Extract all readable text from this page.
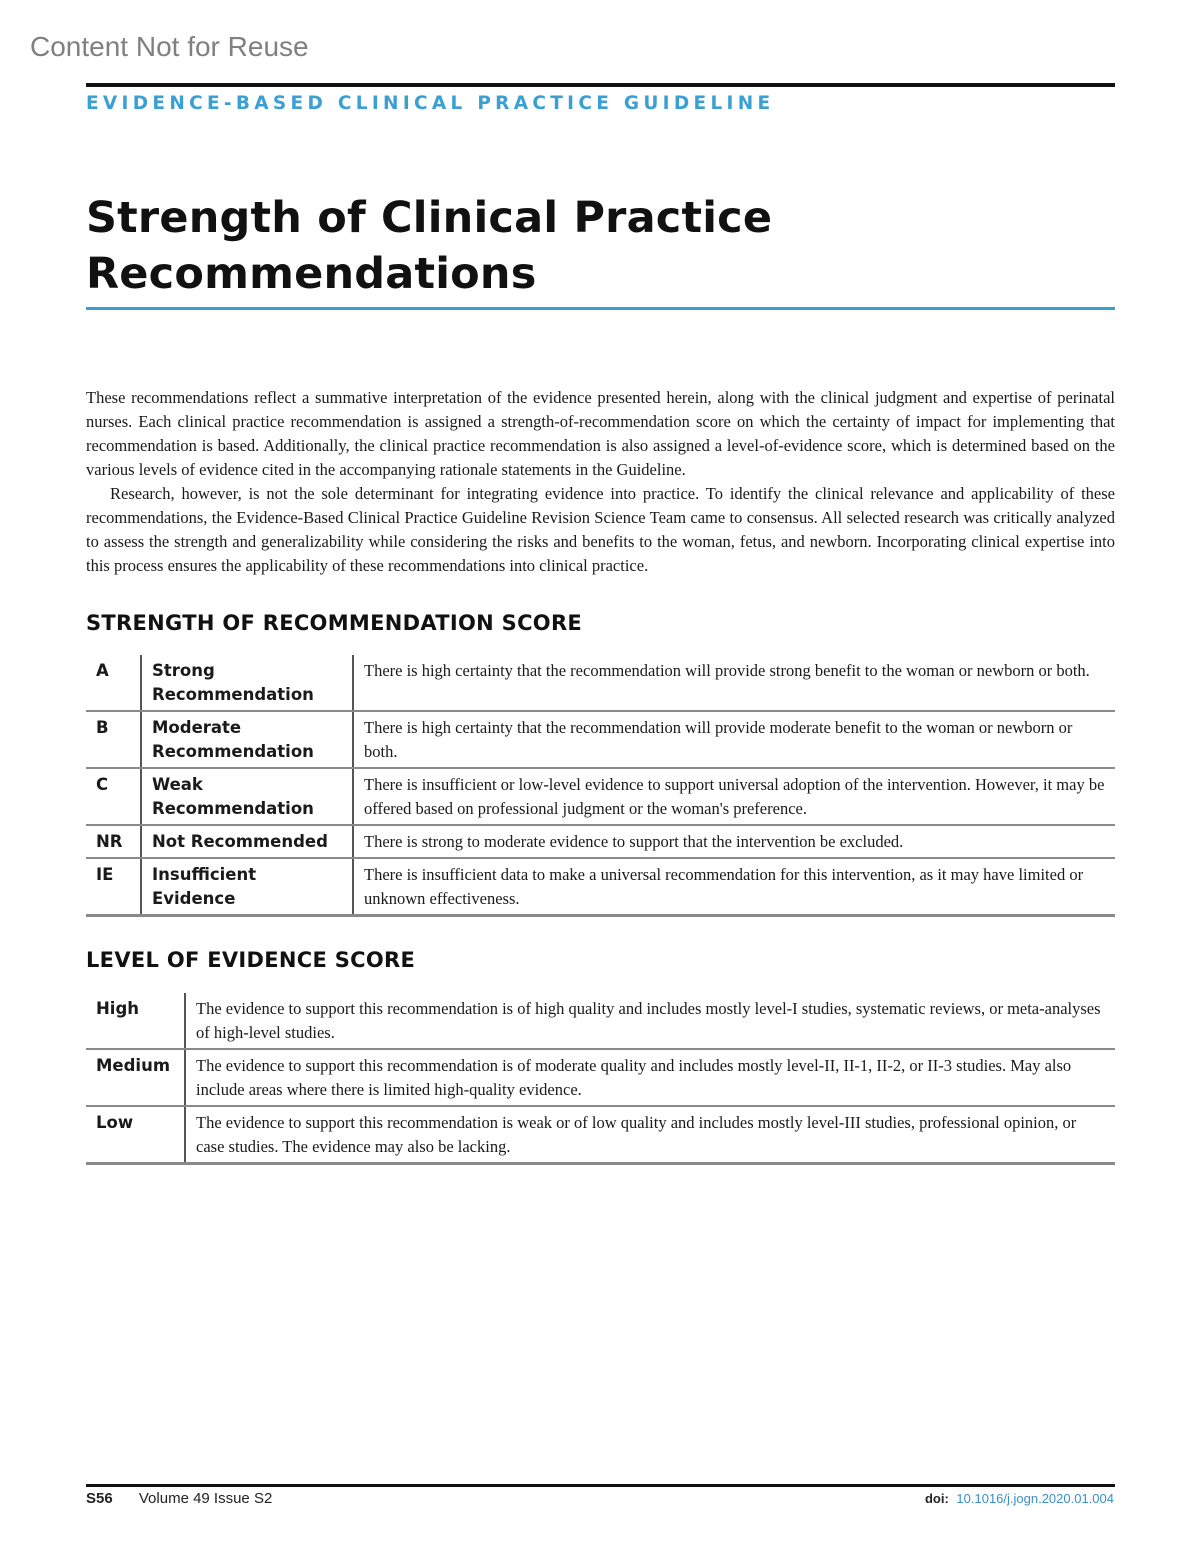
Content Not for Reuse
EVIDENCE-BASED CLINICAL PRACTICE GUIDELINE
Strength of Clinical Practice
Recommendations

These recommendations reflect a summative interpretation of the evidence presented herein, along with the clinical judgment and expertise of perinatal nurses. Each clinical practice recommendation is assigned a strength-of-recommendation score on which the certainty of impact for implementing that recommendation is based. Additionally, the clinical practice recommendation is also assigned a level-of-evidence score, which is determined based on the various levels of evidence cited in the accompanying rationale statements in the Guideline.

Research, however, is not the sole determinant for integrating evidence into practice. To identify the clinical relevance and applicability of these recommendations, the Evidence-Based Clinical Practice Guideline Revision Science Team came to consensus. All selected research was critically analyzed to assess the strength and generalizability while considering the risks and benefits to the woman, fetus, and newborn. Incorporating clinical expertise into this process ensures the applicability of these recommendations into clinical practice.

STRENGTH OF RECOMMENDATION SCORE
A	Strong Recommendation	There is high certainty that the recommendation will provide strong benefit to the woman or newborn or both.
B	Moderate Recommendation	There is high certainty that the recommendation will provide moderate benefit to the woman or newborn or both.
C	Weak Recommendation	There is insufficient or low-level evidence to support universal adoption of the intervention. However, it may be offered based on professional judgment or the woman's preference.
NR	Not Recommended	There is strong to moderate evidence to support that the intervention be excluded.
IE	Insufficient Evidence	There is insufficient data to make a universal recommendation for this intervention, as it may have limited or unknown effectiveness.
LEVEL OF EVIDENCE SCORE
High	The evidence to support this recommendation is of high quality and includes mostly level-I studies, systematic reviews, or meta-analyses of high-level studies.
Medium	The evidence to support this recommendation is of moderate quality and includes mostly level-II, II-1, II-2, or II-3 studies. May also include areas where there is limited high-quality evidence.
Low	The evidence to support this recommendation is weak or of low quality and includes mostly level-III studies, professional opinion, or case studies. The evidence may also be lacking.
S56 Volume 49 Issue S2	doi: 10.1016/j.jogn.2020.01.004
